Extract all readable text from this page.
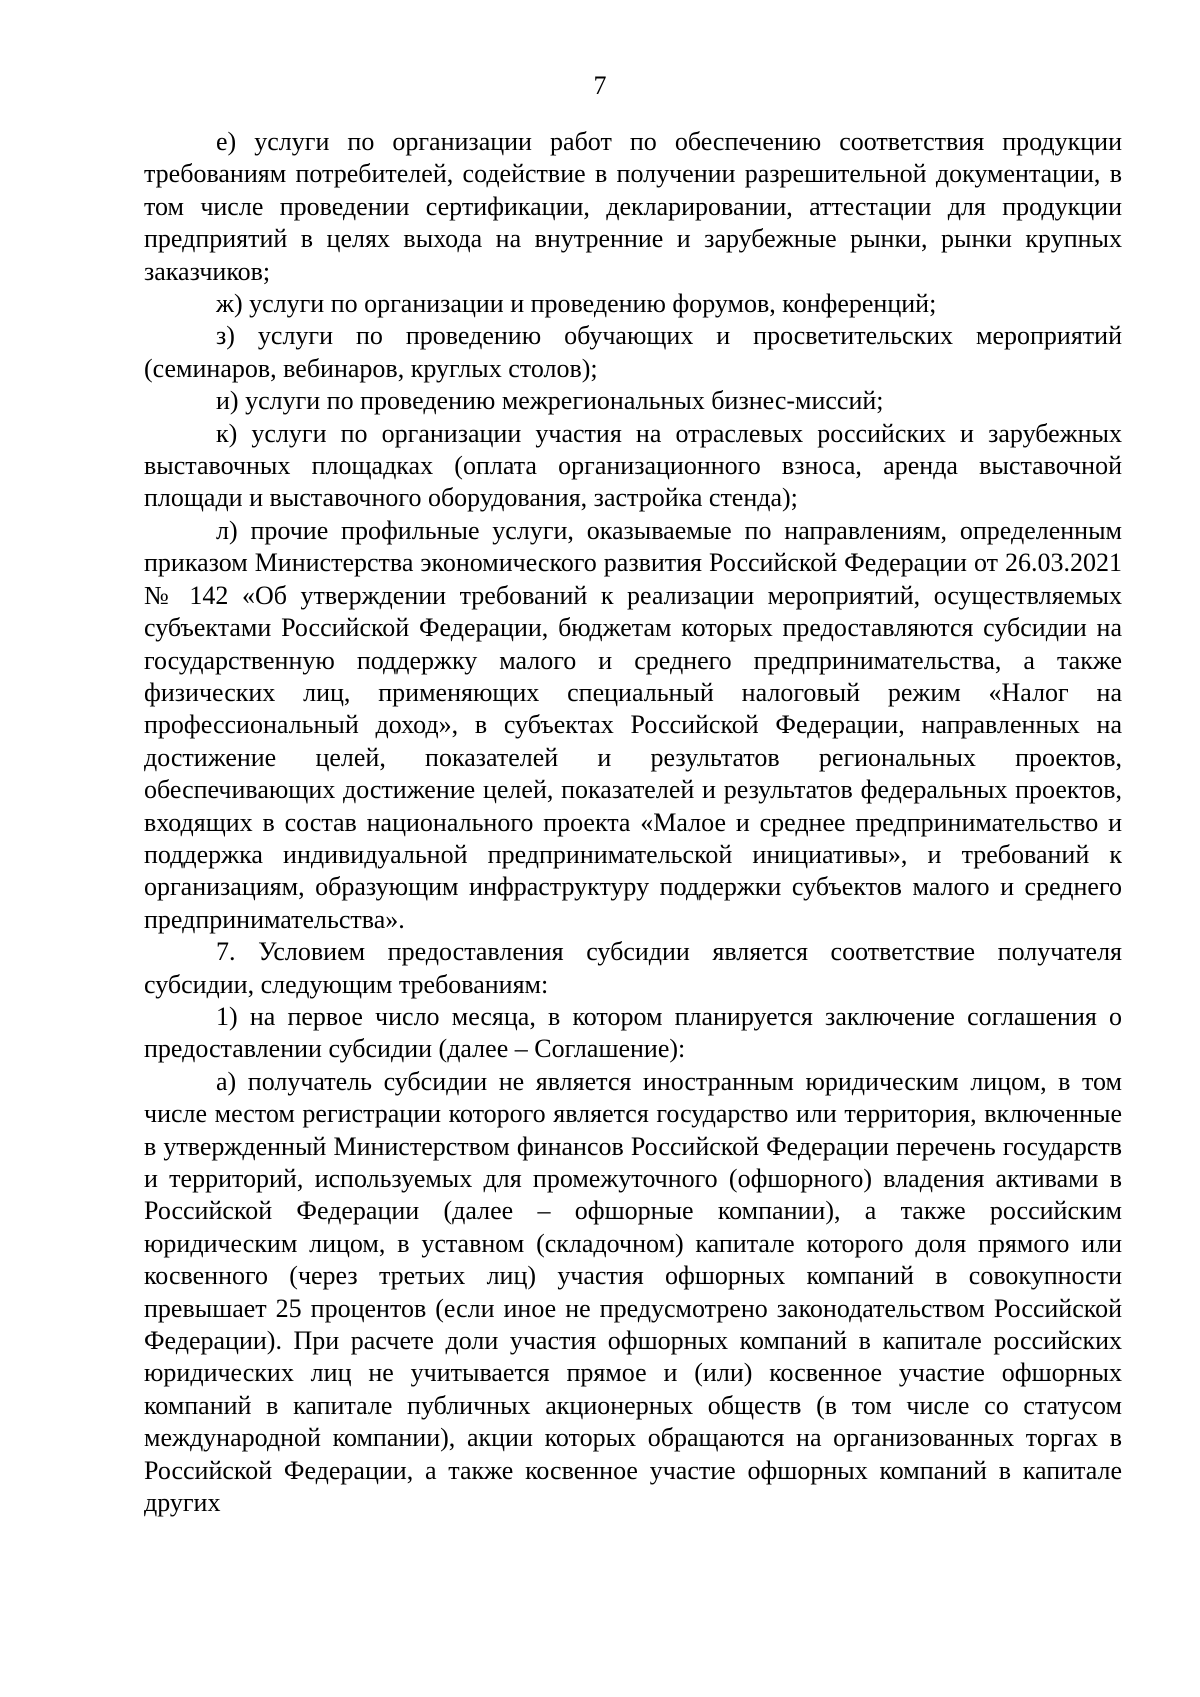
7

е) услуги по организации работ по обеспечению соответствия продукции требованиям потребителей, содействие в получении разрешительной документации, в том числе проведении сертификации, декларировании, аттестации для продукции предприятий в целях выхода на внутренние и зарубежные рынки, рынки крупных заказчиков;

ж) услуги по организации и проведению форумов, конференций;

з) услуги по проведению обучающих и просветительских мероприятий (семинаров, вебинаров, круглых столов);

и) услуги по проведению межрегиональных бизнес-миссий;

к) услуги по организации участия на отраслевых российских и зарубежных выставочных площадках (оплата организационного взноса, аренда выставочной площади и выставочного оборудования, застройка стенда);

л) прочие профильные услуги, оказываемые по направлениям, определенным приказом Министерства экономического развития Российской Федерации от 26.03.2021 № 142 «Об утверждении требований к реализации мероприятий, осуществляемых субъектами Российской Федерации, бюджетам которых предоставляются субсидии на государственную поддержку малого и среднего предпринимательства, а также физических лиц, применяющих специальный налоговый режим «Налог на профессиональный доход», в субъектах Российской Федерации, направленных на достижение целей, показателей и результатов региональных проектов, обеспечивающих достижение целей, показателей и результатов федеральных проектов, входящих в состав национального проекта «Малое и среднее предпринимательство и поддержка индивидуальной предпринимательской инициативы», и требований к организациям, образующим инфраструктуру поддержки субъектов малого и среднего предпринимательства».

7. Условием предоставления субсидии является соответствие получателя субсидии, следующим требованиям:

1) на первое число месяца, в котором планируется заключение соглашения о предоставлении субсидии (далее – Соглашение):

а) получатель субсидии не является иностранным юридическим лицом, в том числе местом регистрации которого является государство или территория, включенные в утвержденный Министерством финансов Российской Федерации перечень государств и территорий, используемых для промежуточного (офшорного) владения активами в Российской Федерации (далее – офшорные компании), а также российским юридическим лицом, в уставном (складочном) капитале которого доля прямого или косвенного (через третьих лиц) участия офшорных компаний в совокупности превышает 25 процентов (если иное не предусмотрено законодательством Российской Федерации). При расчете доли участия офшорных компаний в капитале российских юридических лиц не учитывается прямое и (или) косвенное участие офшорных компаний в капитале публичных акционерных обществ (в том числе со статусом международной компании), акции которых обращаются на организованных торгах в Российской Федерации, а также косвенное участие офшорных компаний в капитале других
